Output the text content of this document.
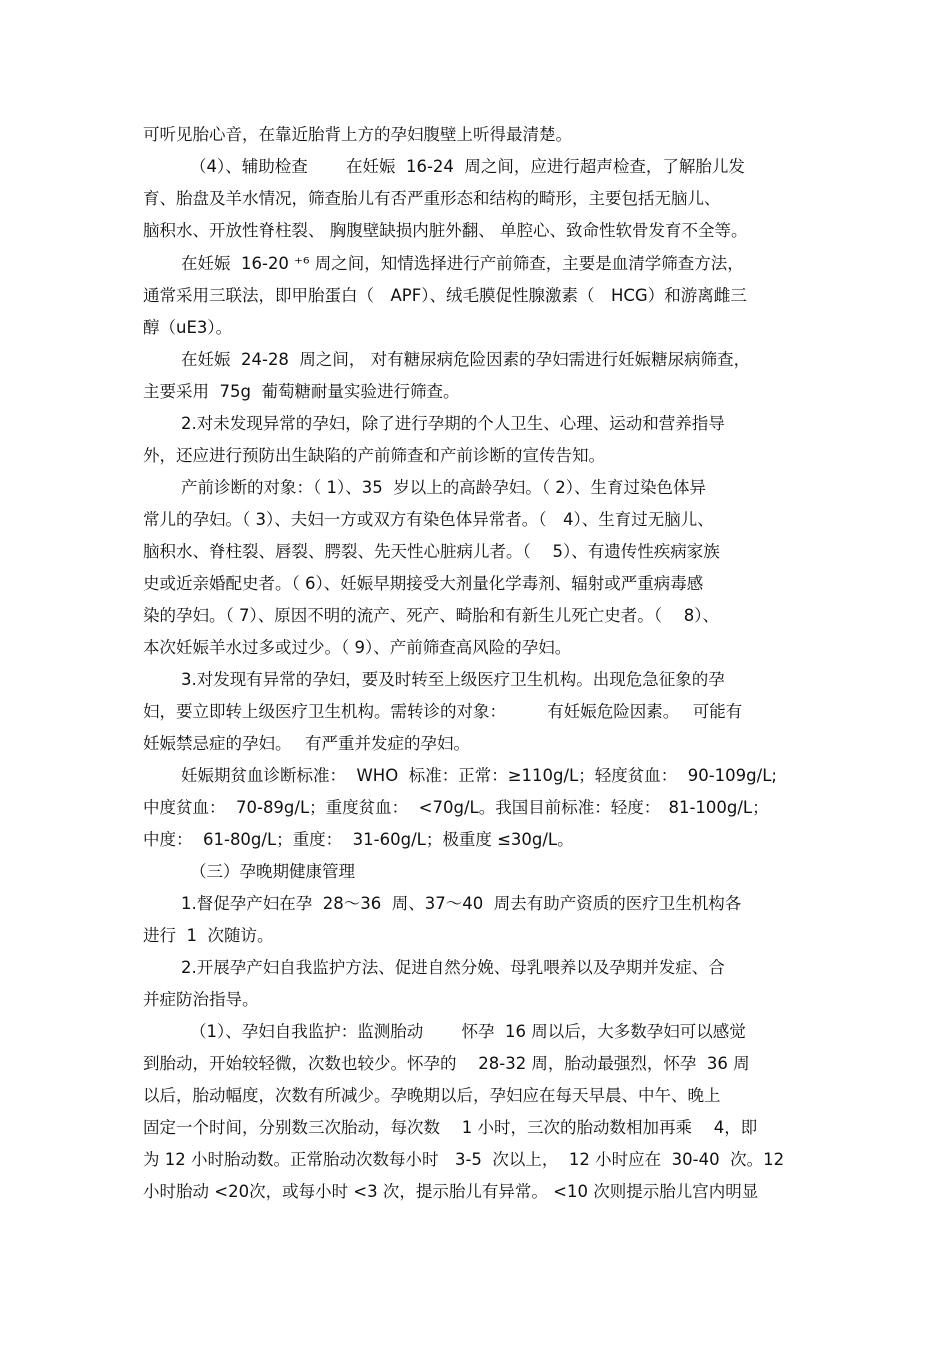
可听见胎心音，在靠近胎背上方的孕妇腹壁上听得最清楚。
（4）、辅助检查　　 在妊娠  16-24  周之间，应进行超声检查，了解胎儿发
育、胎盘及羊水情况，筛查胎儿有否严重形态和结构的畸形，主要包括无脑儿、
脑积水、开放性脊柱裂、 胸腹壁缺损内脏外翻、 单腔心、致命性软骨发育不全等。
在妊娠  16-20 ⁺⁶ 周之间，知情选择进行产前筛查，主要是血清学筛查方法，
通常采用三联法，即甲胎蛋白（　APF）、绒毛膜促性腺激素（　HCG）和游离雌三
醇（uE3）。
在妊娠  24-28  周之间， 对有糖尿病危险因素的孕妇需进行妊娠糖尿病筛查，
主要采用  75g  葡萄糖耐量实验进行筛查。
2.对未发现异常的孕妇，除了进行孕期的个人卫生、心理、运动和营养指导
外，还应进行预防出生缺陷的产前筛查和产前诊断的宣传告知。
产前诊断的对象：（ 1）、35  岁以上的高龄孕妇。（ 2）、生育过染色体异
常儿的孕妇。（ 3）、夫妇一方或双方有染色体异常者。（　4）、生育过无脑儿、
脑积水、脊柱裂、唇裂、腭裂、先天性心脏病儿者。（　 5）、有遗传性疾病家族
史或近亲婚配史者。（ 6）、妊娠早期接受大剂量化学毒剂、辐射或严重病毒感
染的孕妇。（ 7）、原因不明的流产、死产、畸胎和有新生儿死亡史者。（　 8）、
本次妊娠羊水过多或过少。（ 9）、产前筛查高风险的孕妇。
3.对发现有异常的孕妇，要及时转至上级医疗卫生机构。出现危急征象的孕
妇，要立即转上级医疗卫生机构。需转诊的对象：　　　有妊娠危险因素。　 可能有
妊娠禁忌症的孕妇。　 有严重并发症的孕妇。
妊娠期贫血诊断标准：  WHO  标准：正常：≥110g/L；轻度贫血：  90-109g/L;
中度贫血：  70-89g/L；重度贫血：  <70g/L。我国目前标准：轻度：　81-100g/L；
中度：  61-80g/L；重度：  31-60g/L；极重度 ≤30g/L。
（三）孕晚期健康管理
1.督促孕产妇在孕  28～36  周、37～40  周去有助产资质的医疗卫生机构各
进行  1  次随访。
2.开展孕产妇自我监护方法、促进自然分娩、母乳喂养以及孕期并发症、合
并症防治指导。
（1）、孕妇自我监护：监测胎动　　 怀孕  16 周以后，大多数孕妇可以感觉
到胎动，开始较轻微，次数也较少。怀孕的　 28-32 周，胎动最强烈，怀孕  36 周
以后，胎动幅度，次数有所减少。孕晚期以后，孕妇应在每天早晨、中午、晚上
固定一个时间，分别数三次胎动，每次数　 1 小时，三次的胎动数相加再乘　 4，即
为 12 小时胎动数。正常胎动次数每小时　3-5  次以上，  12 小时应在  30-40  次。12
小时胎动 <20次，或每小时 <3 次，提示胎儿有异常。 <10 次则提示胎儿宫内明显
